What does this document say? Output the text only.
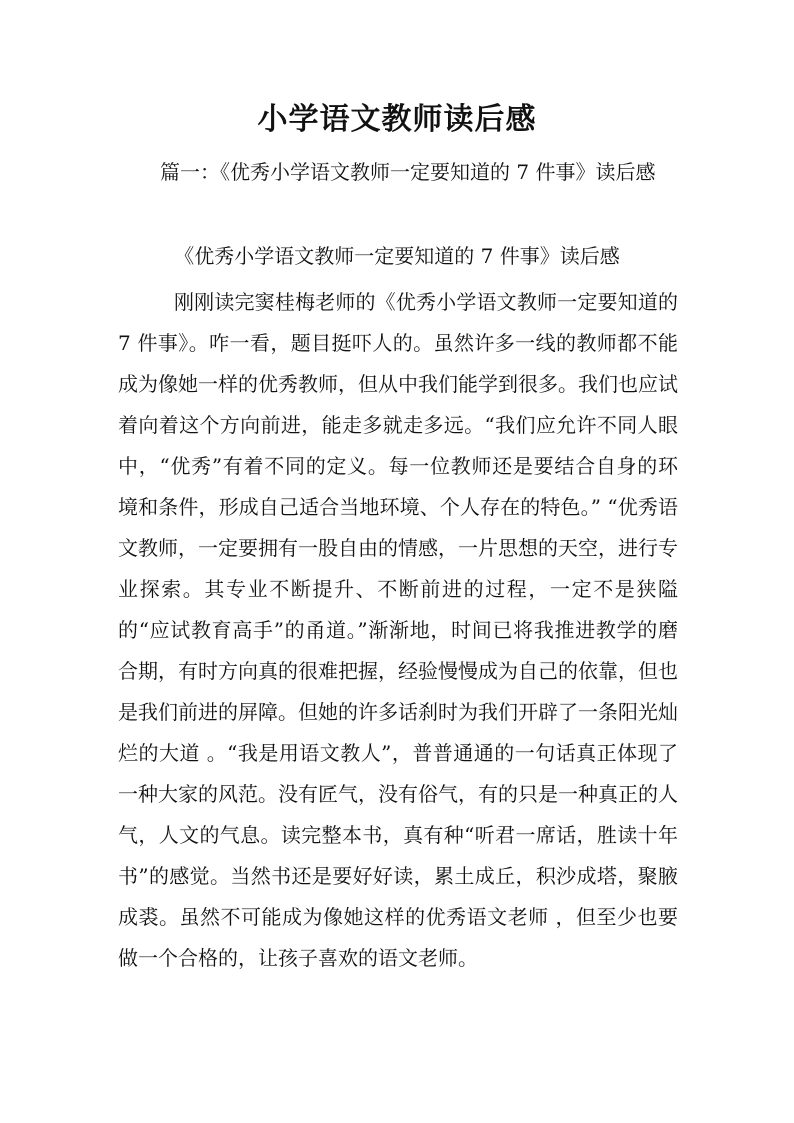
小学语文教师读后感

篇一：《优秀小学语文教师一定要知道的 7 件事》读后感

《优秀小学语文教师一定要知道的 7 件事》读后感

刚刚读完窦桂梅老师的《优秀小学语文教师一定要知道的 7 件事》。咋一看，题目挺吓人的。虽然许多一线的教师都不能成为像她一样的优秀教师，但从中我们能学到很多。我们也应试着向着这个方向前进，能走多就走多远。“我们应允许不同人眼中，“优秀”有着不同的定义。每一位教师还是要结合自身的环境和条件，形成自己适合当地环境、个人存在的特色。” “优秀语文教师，一定要拥有一股自由的情感，一片思想的天空，进行专业探索。其专业不断提升、不断前进的过程，一定不是狭隘的“应试教育高手”的甬道。”渐渐地，时间已将我推进教学的磨合期，有时方向真的很难把握，经验慢慢成为自己的依靠，但也是我们前进的屏障。但她的许多话刹时为我们开辟了一条阳光灿烂的大道 。“我是用语文教人”，普普通通的一句话真正体现了一种大家的风范。没有匠气，没有俗气，有的只是一种真正的人气，人文的气息。读完整本书，真有种“听君一席话，胜读十年书”的感觉。当然书还是要好好读，累土成丘，积沙成塔，聚腋成裘。虽然不可能成为像她这样的优秀语文老师 ，但至少也要做一个合格的，让孩子喜欢的语文老师。
